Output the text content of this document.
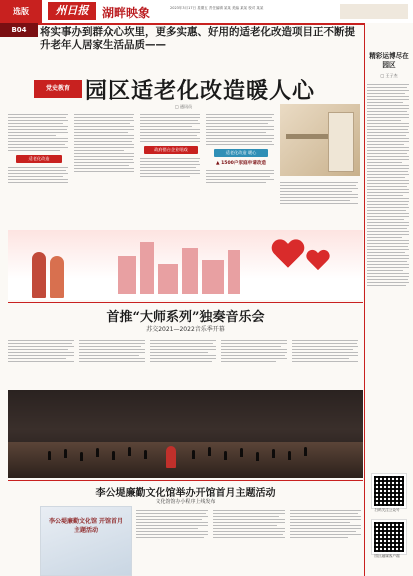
选版	州日报	湖畔映象	2023年3月17日 星期五 责任编辑 某某 美编 某某 校对 某某
B04	将实事办到群众心坎里，更多实惠、好用的适老化改造项目正不断提升老年人居家生活品质——
党史教育 园区适老化改造暖人心
□ 通讯员
适老化改造
政府搭台企业唱戏
适老化改造 暖心
▲ 1500户家庭申请改造
精彩运博尽在园区
□ 王子杰
首推“大师系列”独奏音乐会
苏交2021—2022音乐季开幕
李公堤廉勤文化馆举办开馆首月主题活动
文化馆馆办小程序上线发布
李公堤廉勤文化馆 开馆首月主题活动
扫码关注公众号
园区融媒客户端
